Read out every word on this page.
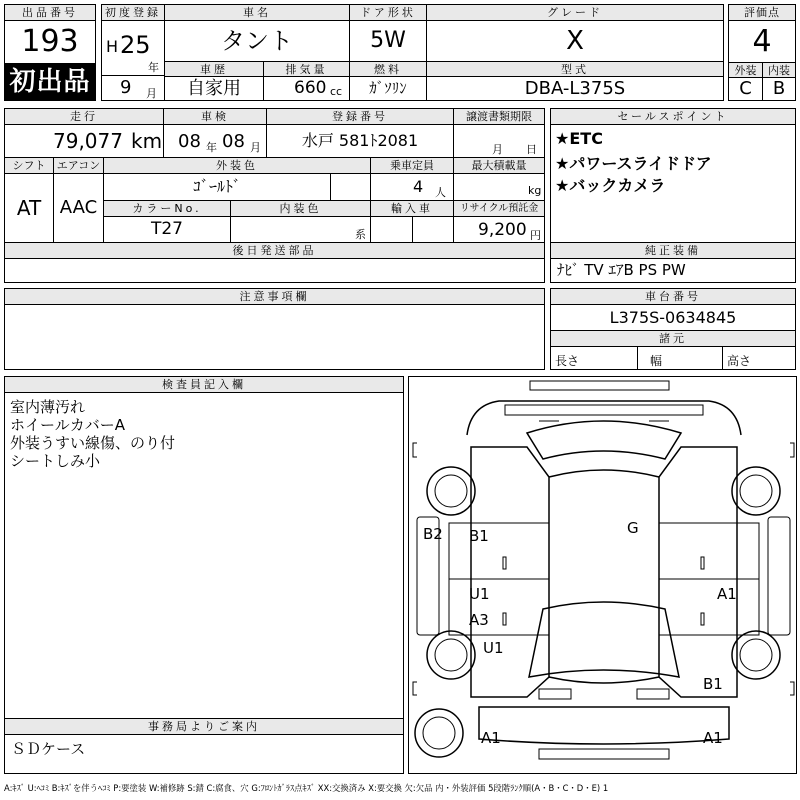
出品番号
193
初出品
初度登録
H 25
年
9 月
車名
タント
ドア形状
5W
グレード
X
評価点
4
外装	内装
C	B
車歴
自家用
排気量
660 cc
燃料
ｶﾞｿﾘﾝ
型式
DBA-L375S
走行
79,077 km
車検
08 年 08 月
登録番号
水戸 581ﾄ2081
譲渡書類期限
月 日
セールスポイント
★ETC
★パワースライドドア
★バックカメラ
シフト
AT
エアコン
AAC
外装色
ｺﾞｰﾙﾄﾞ
乗車定員
4 人
最大積載量
kg
カラーNo.
T27
内装色
系
輸入車	リサイクル預託金
9,200 円
後日発送部品	純正装備
ﾅﾋﾞ TV ｴｱB PS PW
注意事項欄	車台番号
L375S-0634845
諸元
長さ	幅	高さ
検査員記入欄
室内薄汚れ
ホイールカバーA
外装うすい線傷、のり付
シートしみ小
事務局よりご案内
ＳＤケース
B2 B1	G
U1	A1
A3
U1
B1
A1	A1
A:ｷｽﾞ U:ﾍｺﾐ B:ｷｽﾞを伴うﾍｺﾐ P:要塗装 W:補修跡 S:錆 C:腐食、穴 G:ﾌﾛﾝﾄｶﾞﾗｽ点ｷｽﾞ XX:交換済み X:要交換 欠:欠品 内・外装評価 5段階ﾗﾝｸ順(A・B・C・D・E) 1
